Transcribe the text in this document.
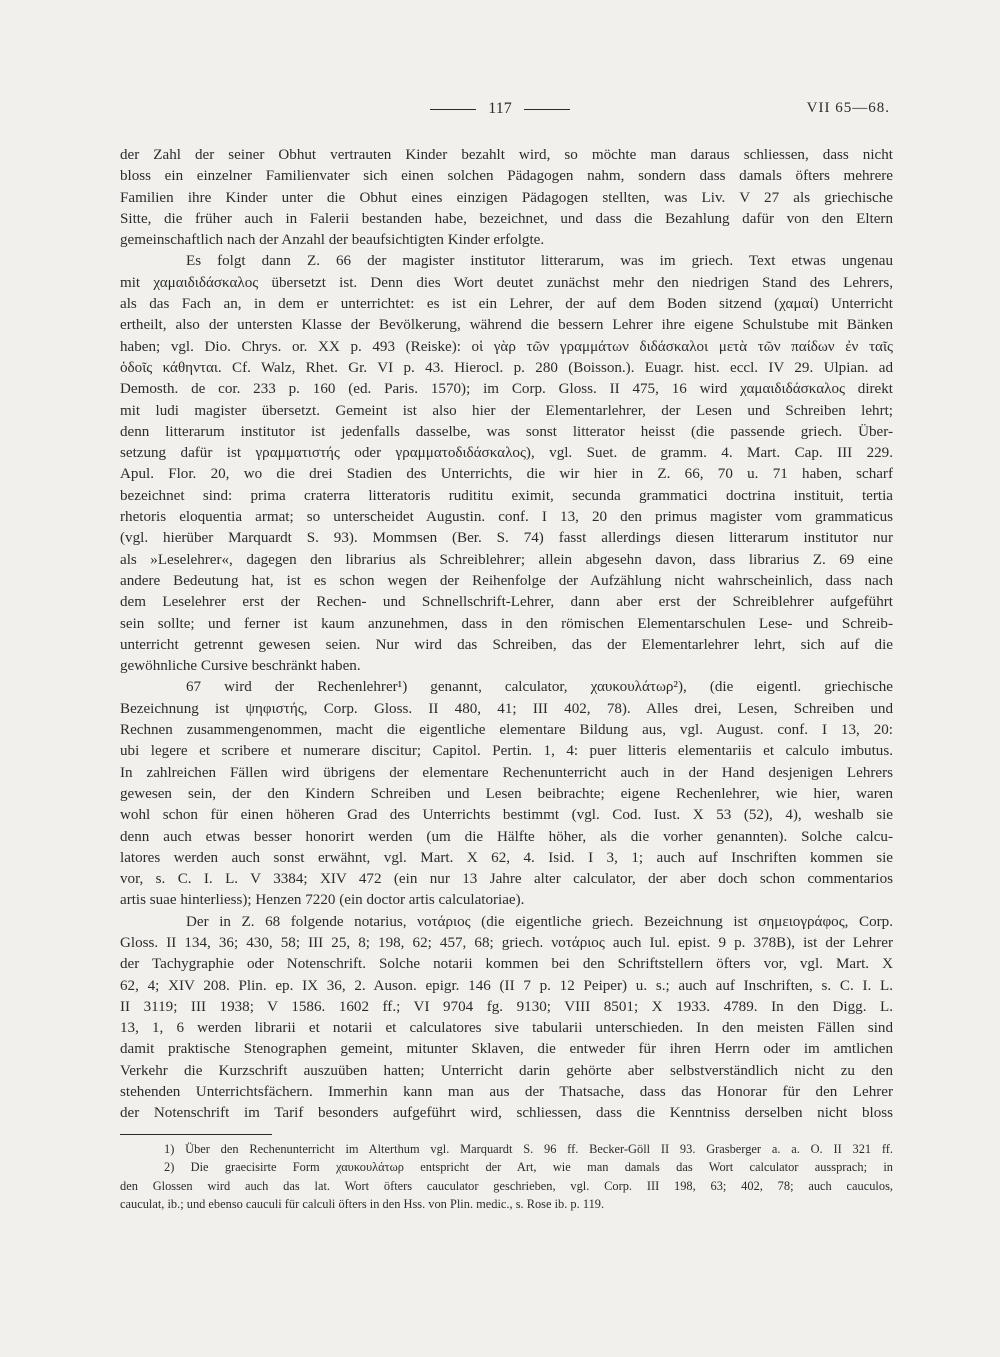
117	VII 65—68.
der Zahl der seiner Obhut vertrauten Kinder bezahlt wird, so möchte man daraus schliessen, dass nicht
bloss ein einzelner Familienvater sich einen solchen Pädagogen nahm, sondern dass damals öfters mehrere
Familien ihre Kinder unter die Obhut eines einzigen Pädagogen stellten, was Liv. V 27 als griechische
Sitte, die früher auch in Falerii bestanden habe, bezeichnet, und dass die Bezahlung dafür von den Eltern
gemeinschaftlich nach der Anzahl der beaufsichtigten Kinder erfolgte.
Es folgt dann Z. 66 der magister institutor litterarum, was im griech. Text etwas ungenau
mit χαμαιδιδάσκαλος übersetzt ist. Denn dies Wort deutet zunächst mehr den niedrigen Stand des Lehrers,
als das Fach an, in dem er unterrichtet: es ist ein Lehrer, der auf dem Boden sitzend (χαμαί) Unterricht
ertheilt, also der untersten Klasse der Bevölkerung, während die bessern Lehrer ihre eigene Schulstube mit Bänken
haben; vgl. Dio. Chrys. or. XX p. 493 (Reiske): οἱ γὰρ τῶν γραμμάτων διδάσκαλοι μετὰ τῶν παίδων ἐν ταῖς
ὁδοῖς κάθηνται. Cf. Walz, Rhet. Gr. VI p. 43. Hierocl. p. 280 (Boisson.). Euagr. hist. eccl. IV 29. Ulpian. ad
Demosth. de cor. 233 p. 160 (ed. Paris. 1570); im Corp. Gloss. II 475, 16 wird χαμαιδιδάσκαλος direkt
mit ludi magister übersetzt. Gemeint ist also hier der Elementarlehrer, der Lesen und Schreiben lehrt;
denn litterarum institutor ist jedenfalls dasselbe, was sonst litterator heisst (die passende griech. Über-
setzung dafür ist γραμματιστής oder γραμματοδιδάσκαλος), vgl. Suet. de gramm. 4. Mart. Cap. III 229.
Apul. Flor. 20, wo die drei Stadien des Unterrichts, die wir hier in Z. 66, 70 u. 71 haben, scharf
bezeichnet sind: prima craterra litteratoris rudititu eximit, secunda grammatici doctrina instituit, tertia
rhetoris eloquentia armat; so unterscheidet Augustin. conf. I 13, 20 den primus magister vom grammaticus
(vgl. hierüber Marquardt S. 93). Mommsen (Ber. S. 74) fasst allerdings diesen litterarum institutor nur
als »Leselehrer«, dagegen den librarius als Schreiblehrer; allein abgesehn davon, dass librarius Z. 69 eine
andere Bedeutung hat, ist es schon wegen der Reihenfolge der Aufzählung nicht wahrscheinlich, dass nach
dem Leselehrer erst der Rechen- und Schnellschrift-Lehrer, dann aber erst der Schreiblehrer aufgeführt
sein sollte; und ferner ist kaum anzunehmen, dass in den römischen Elementarschulen Lese- und Schreib-
unterricht getrennt gewesen seien. Nur wird das Schreiben, das der Elementarlehrer lehrt, sich auf die
gewöhnliche Cursive beschränkt haben.
67 wird der Rechenlehrer¹) genannt, calculator, χαυκουλάτωρ²), (die eigentl. griechische
Bezeichnung ist ψηφιστής, Corp. Gloss. II 480, 41; III 402, 78). Alles drei, Lesen, Schreiben und
Rechnen zusammengenommen, macht die eigentliche elementare Bildung aus, vgl. August. conf. I 13, 20:
ubi legere et scribere et numerare discitur; Capitol. Pertin. 1, 4: puer litteris elementariis et calculo imbutus.
In zahlreichen Fällen wird übrigens der elementare Rechenunterricht auch in der Hand desjenigen Lehrers
gewesen sein, der den Kindern Schreiben und Lesen beibrachte; eigene Rechenlehrer, wie hier, waren
wohl schon für einen höheren Grad des Unterrichts bestimmt (vgl. Cod. Iust. X 53 (52), 4), weshalb sie
denn auch etwas besser honorirt werden (um die Hälfte höher, als die vorher genannten). Solche calcu-
latores werden auch sonst erwähnt, vgl. Mart. X 62, 4. Isid. I 3, 1; auch auf Inschriften kommen sie
vor, s. C. I. L. V 3384; XIV 472 (ein nur 13 Jahre alter calculator, der aber doch schon commentarios
artis suae hinterliess); Henzen 7220 (ein doctor artis calculatoriae).
Der in Z. 68 folgende notarius, νοτάριος (die eigentliche griech. Bezeichnung ist σημειογράφος, Corp.
Gloss. II 134, 36; 430, 58; III 25, 8; 198, 62; 457, 68; griech. νοτάριος auch Iul. epist. 9 p. 378B), ist der Lehrer
der Tachygraphie oder Notenschrift. Solche notarii kommen bei den Schriftstellern öfters vor, vgl. Mart. X
62, 4; XIV 208. Plin. ep. IX 36, 2. Auson. epigr. 146 (II 7 p. 12 Peiper) u. s.; auch auf Inschriften, s. C. I. L.
II 3119; III 1938; V 1586. 1602 ff.; VI 9704 fg. 9130; VIII 8501; X 1933. 4789. In den Digg. L.
13, 1, 6 werden librarii et notarii et calculatores sive tabularii unterschieden. In den meisten Fällen sind
damit praktische Stenographen gemeint, mitunter Sklaven, die entweder für ihren Herrn oder im amtlichen
Verkehr die Kurzschrift auszuüben hatten; Unterricht darin gehörte aber selbstverständlich nicht zu den
stehenden Unterrichtsfächern. Immerhin kann man aus der Thatsache, dass das Honorar für den Lehrer
der Notenschrift im Tarif besonders aufgeführt wird, schliessen, dass die Kenntniss derselben nicht bloss
1) Über den Rechenunterricht im Alterthum vgl. Marquardt S. 96 ff. Becker-Göll II 93. Grasberger a. a. O. II 321 ff.
2) Die graecisirte Form χαυκουλάτωρ entspricht der Art, wie man damals das Wort calculator aussprach; in
den Glossen wird auch das lat. Wort öfters cauculator geschrieben, vgl. Corp. III 198, 63; 402, 78; auch cauculos,
cauculat, ib.; und ebenso cauculi für calculi öfters in den Hss. von Plin. medic., s. Rose ib. p. 119.
